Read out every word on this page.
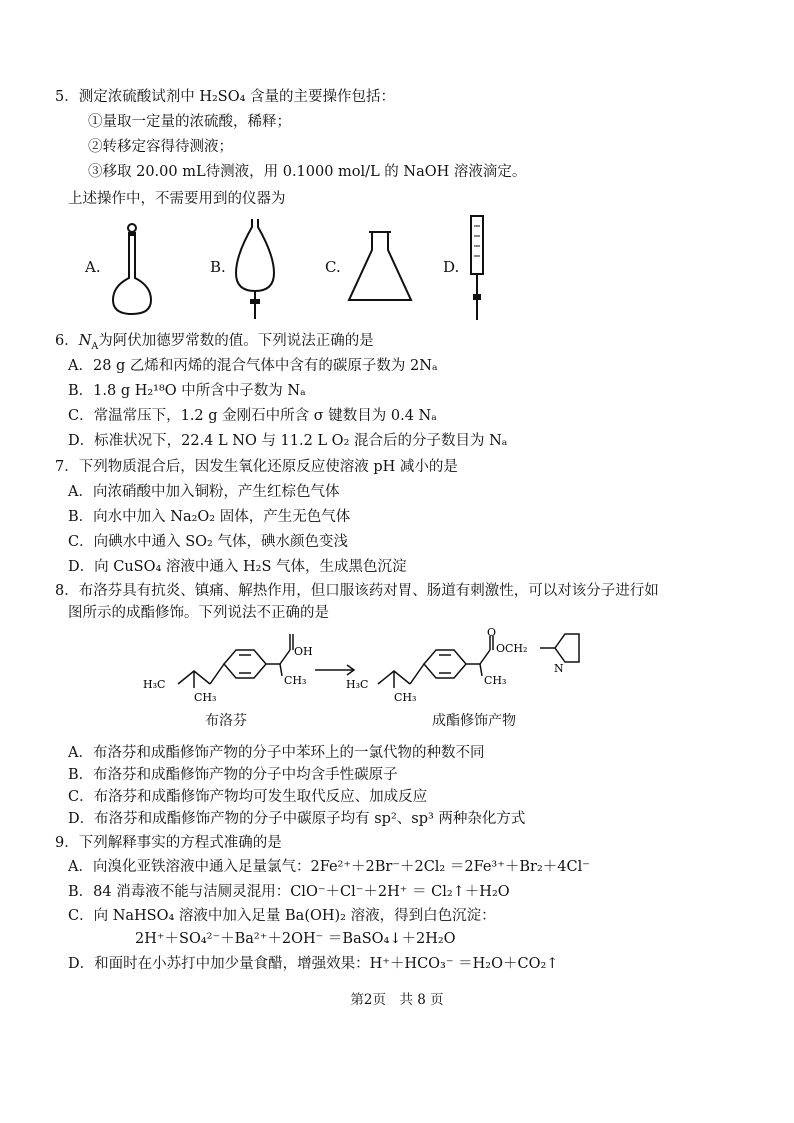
5．测定浓硫酸试剂中 H₂SO₄ 含量的主要操作包括：
①量取一定量的浓硫酸，稀释；
②转移定容得待测液；
③移取 20.00 mL待测液，用 0.1000 mol/L 的 NaOH 溶液滴定。
上述操作中，不需要用到的仪器为
A.	B.	C.	D.
6．$N_A$为阿伏加德罗常数的值。下列说法正确的是
A．28 g 乙烯和丙烯的混合气体中含有的碳原子数为 2Nₐ
B．1.8 g H₂¹⁸O 中所含中子数为 Nₐ
C．常温常压下，1.2 g 金刚石中所含 σ 键数目为 0.4 Nₐ
D．标准状况下，22.4 L NO 与 11.2 L O₂ 混合后的分子数目为 Nₐ
7．下列物质混合后，因发生氧化还原反应使溶液 pH 减小的是
A．向浓硝酸中加入铜粉，产生红棕色气体
B．向水中加入 Na₂O₂ 固体，产生无色气体
C．向碘水中通入 SO₂ 气体，碘水颜色变浅
D．向 CuSO₄ 溶液中通入 H₂S 气体，生成黑色沉淀
8．布洛芬具有抗炎、镇痛、解热作用，但口服该药对胃、肠道有刺激性，可以对该分子进行如
图所示的成酯修饰。下列说法不正确的是
H₃C
CH₃
CH₃
OH
H₃C
CH₃
CH₃
O
OCH₂
N
布洛芬	成酯修饰产物
A．布洛芬和成酯修饰产物的分子中苯环上的一氯代物的种数不同
B．布洛芬和成酯修饰产物的分子中均含手性碳原子
C．布洛芬和成酯修饰产物均可发生取代反应、加成反应
D．布洛芬和成酯修饰产物的分子中碳原子均有 sp²、sp³ 两种杂化方式
9．下列解释事实的方程式准确的是
A．向溴化亚铁溶液中通入足量氯气：2Fe²⁺＋2Br⁻＋2Cl₂ ＝2Fe³⁺＋Br₂＋4Cl⁻
B．84 消毒液不能与洁厕灵混用：ClO⁻＋Cl⁻＋2H⁺ ＝ Cl₂↑＋H₂O
C．向 NaHSO₄ 溶液中加入足量 Ba(OH)₂ 溶液，得到白色沉淀：
2H⁺＋SO₄²⁻＋Ba²⁺＋2OH⁻ ＝BaSO₄↓＋2H₂O
D．和面时在小苏打中加少量食醋，增强效果：H⁺＋HCO₃⁻ ＝H₂O＋CO₂↑
第2页　共 8 页
